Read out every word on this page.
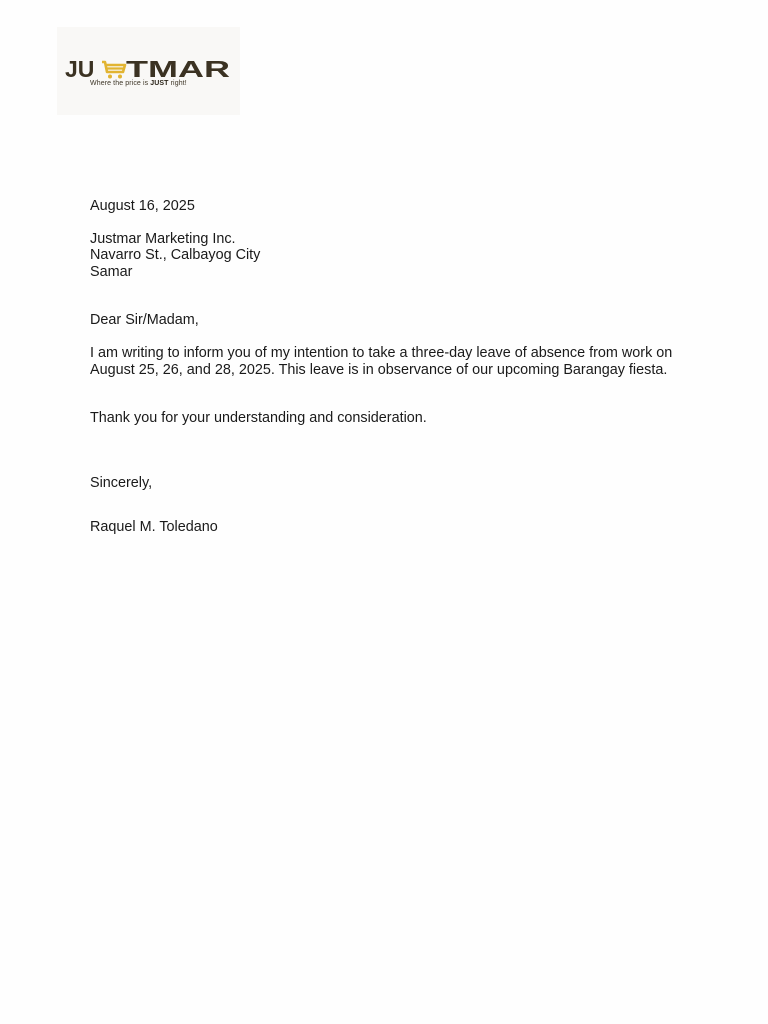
JU TMAR
Where the price is JUST right!

August 16, 2025

Justmar Marketing Inc.

Navarro St., Calbayog City

Samar

Dear Sir/Madam,

I am writing to inform you of my intention to take a three-day leave of absence from work on

August 25, 26, and 28, 2025. This leave is in observance of our upcoming Barangay fiesta.

Thank you for your understanding and consideration.

Sincerely,

Raquel M. Toledano
